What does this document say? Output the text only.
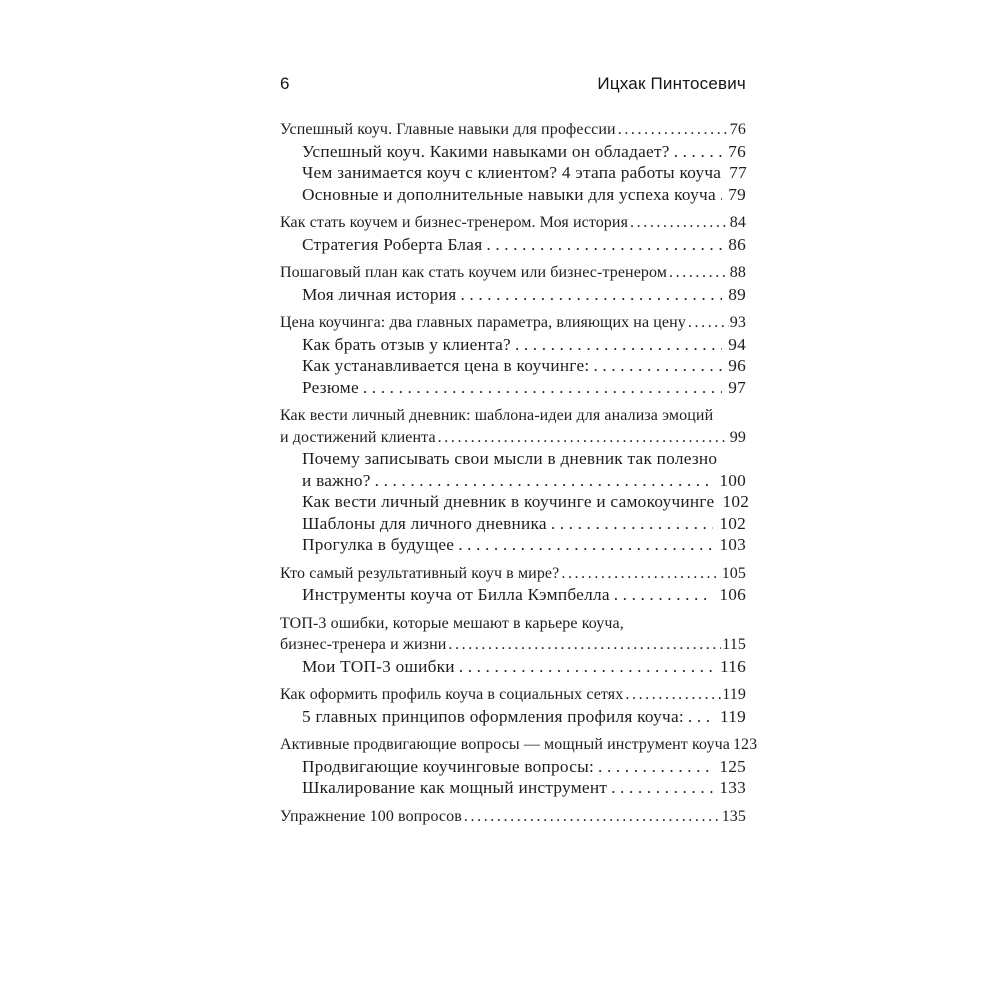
6	Ицхак Пинтосевич
Успешный коуч. Главные навыки для профессии .....	76
Успешный коуч. Какими навыками он обладает? .....	76
Чем занимается коуч с клиентом? 4 этапа работы коуча 77
Основные и дополнительные навыки для успеха коуча ..... 79
Как стать коучем и бизнес-тренером. Моя история .....	84
Стратегия Роберта Блая .....	86
Пошаговый план как стать коучем или бизнес-тренером .....	88
Моя личная история .....	89
Цена коучинга: два главных параметра, влияющих на цену .....	93
Как брать отзыв у клиента? .....	94
Как устанавливается цена в коучинге: .....	96
Резюме .....	97
Как вести личный дневник: шаблона-идеи для анализа эмоций
и достижений клиента .....	99
Почему записывать свои мысли в дневник так полезно
и важно? .....	100
Как вести личный дневник в коучинге и самокоучинге 102
Шаблоны для личного дневника .....	102
Прогулка в будущее .....	103
Кто самый результативный коуч в мире? .....	105
Инструменты коуча от Билла Кэмпбелла .....	106
ТОП-3 ошибки, которые мешают в карьере коуча,
бизнес-тренера и жизни .....	115
Мои ТОП-3 ошибки .....	116
Как оформить профиль коуча в социальных сетях .....	119
5 главных принципов оформления профиля коуча: .....	119
Активные продвигающие вопросы — мощный инструмент коуча 123
Продвигающие коучинговые вопросы: .....	125
Шкалирование как мощный инструмент .....	133
Упражнение 100 вопросов .....	135
